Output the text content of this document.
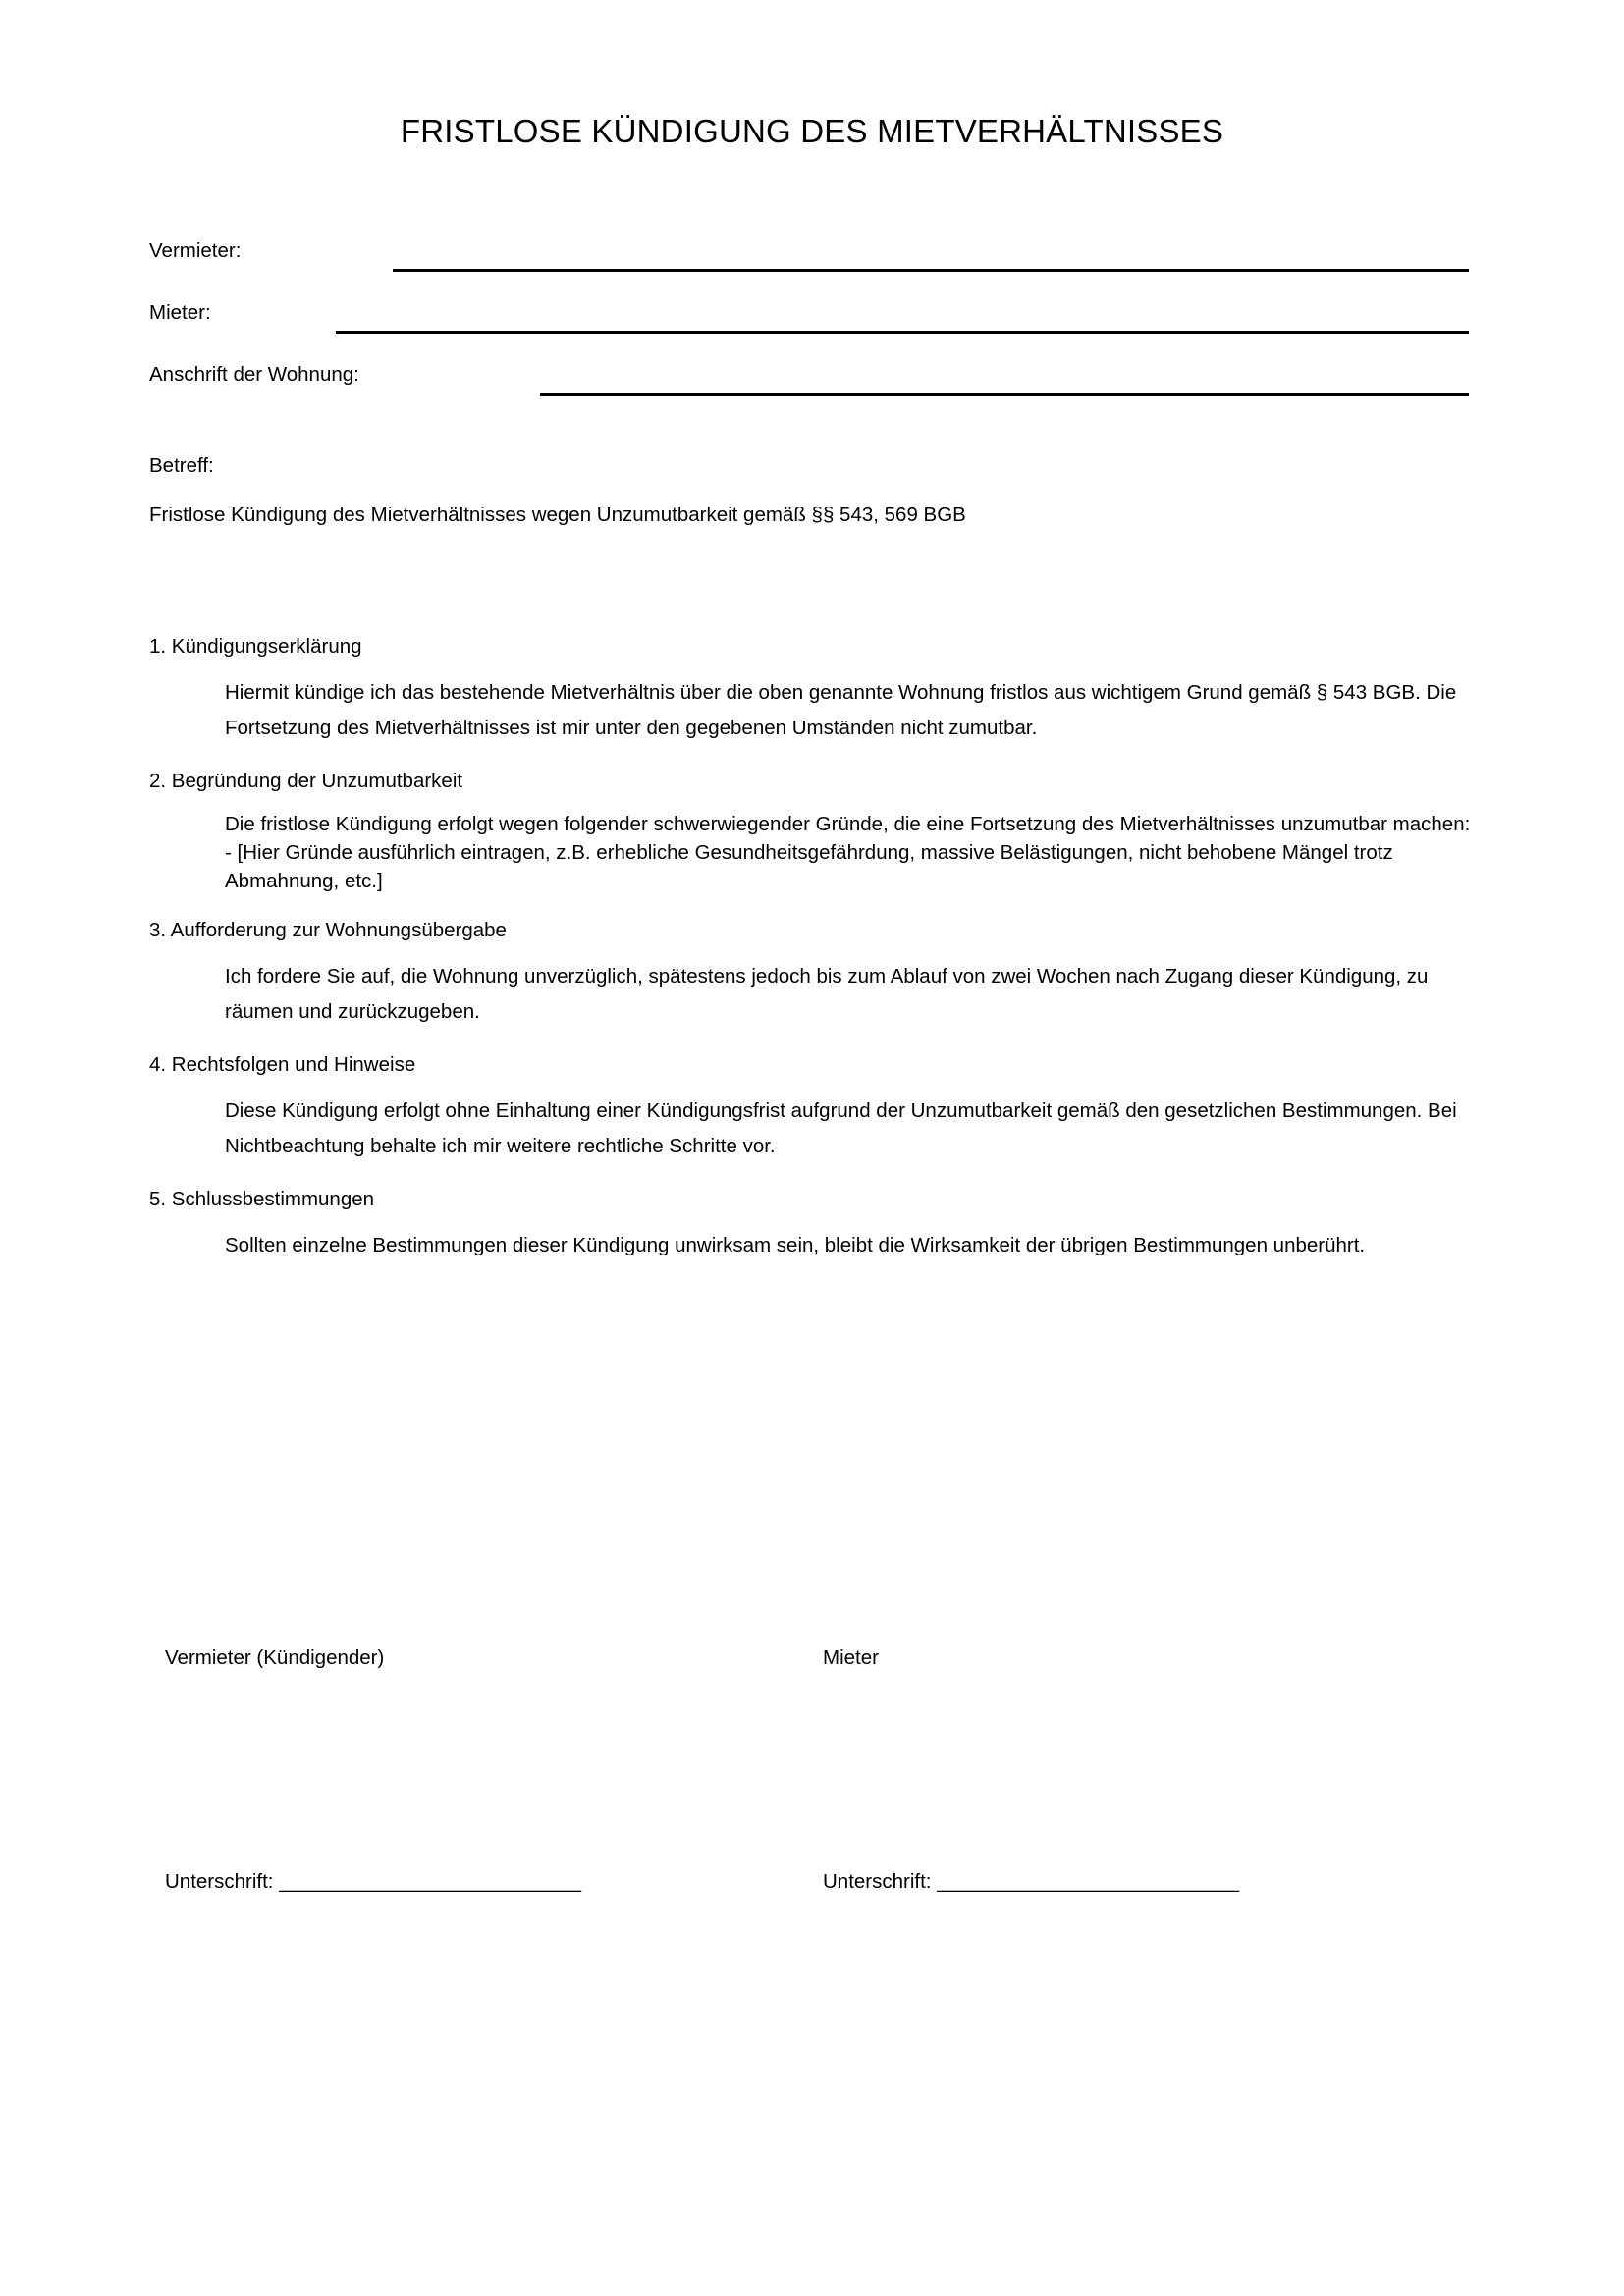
FRISTLOSE KÜNDIGUNG DES MIETVERHÄLTNISSES
Vermieter:
Mieter:
Anschrift der Wohnung:
Betreff:
Fristlose Kündigung des Mietverhältnisses wegen Unzumutbarkeit gemäß §§ 543, 569 BGB
1. Kündigungserklärung

Hiermit kündige ich das bestehende Mietverhältnis über die oben genannte Wohnung fristlos aus wichtigem Grund gemäß § 543 BGB. Die Fortsetzung des Mietverhältnisses ist mir unter den gegebenen Umständen nicht zumutbar.

2. Begründung der Unzumutbarkeit

Die fristlose Kündigung erfolgt wegen folgender schwerwiegender Gründe, die eine Fortsetzung des Mietverhältnisses unzumutbar machen:

- [Hier Gründe ausführlich eintragen, z.B. erhebliche Gesundheitsgefährdung, massive Belästigungen, nicht behobene Mängel trotz Abmahnung, etc.]

3. Aufforderung zur Wohnungsübergabe

Ich fordere Sie auf, die Wohnung unverzüglich, spätestens jedoch bis zum Ablauf von zwei Wochen nach Zugang dieser Kündigung, zu räumen und zurückzugeben.

4. Rechtsfolgen und Hinweise

Diese Kündigung erfolgt ohne Einhaltung einer Kündigungsfrist aufgrund der Unzumutbarkeit gemäß den gesetzlichen Bestimmungen. Bei Nichtbeachtung behalte ich mir weitere rechtliche Schritte vor.

5. Schlussbestimmungen

Sollten einzelne Bestimmungen dieser Kündigung unwirksam sein, bleibt die Wirksamkeit der übrigen Bestimmungen unberührt.

Vermieter (Kündigender)	Mieter
Unterschrift: ___________________________	Unterschrift: ___________________________
